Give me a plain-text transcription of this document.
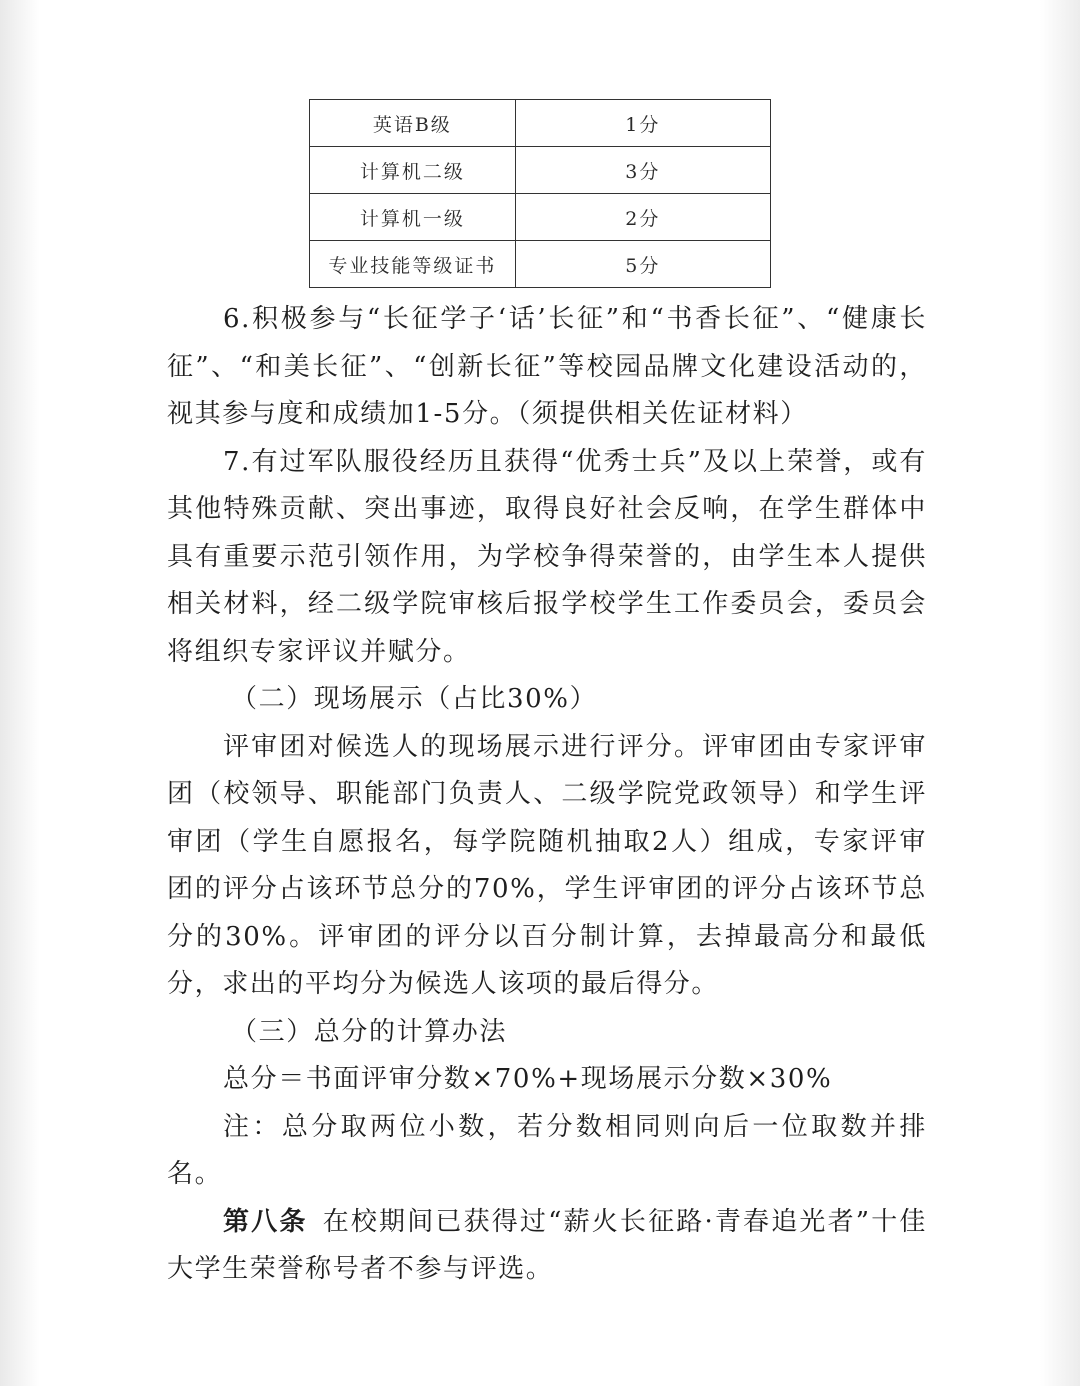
英语B级	1分
计算机二级	3分
计算机一级	2分
专业技能等级证书	5分

6.积极参与“长征学子‘话’长征”和“书香长征”、“健康长征”、“和美长征”、“创新长征”等校园品牌文化建设活动的，视其参与度和成绩加1-5分。（须提供相关佐证材料）

7.有过军队服役经历且获得“优秀士兵”及以上荣誉，或有其他特殊贡献、突出事迹，取得良好社会反响，在学生群体中具有重要示范引领作用，为学校争得荣誉的，由学生本人提供相关材料，经二级学院审核后报学校学生工作委员会，委员会将组织专家评议并赋分。

（二）现场展示（占比30%）

评审团对候选人的现场展示进行评分。评审团由专家评审团（校领导、职能部门负责人、二级学院党政领导）和学生评审团（学生自愿报名，每学院随机抽取2人）组成，专家评审团的评分占该环节总分的70%，学生评审团的评分占该环节总分的30%。评审团的评分以百分制计算，去掉最高分和最低分，求出的平均分为候选人该项的最后得分。

（三）总分的计算办法

总分＝书面评审分数×70%+现场展示分数×30%

注：总分取两位小数，若分数相同则向后一位取数并排名。

第八条  在校期间已获得过“薪火长征路·青春追光者”十佳大学生荣誉称号者不参与评选。
